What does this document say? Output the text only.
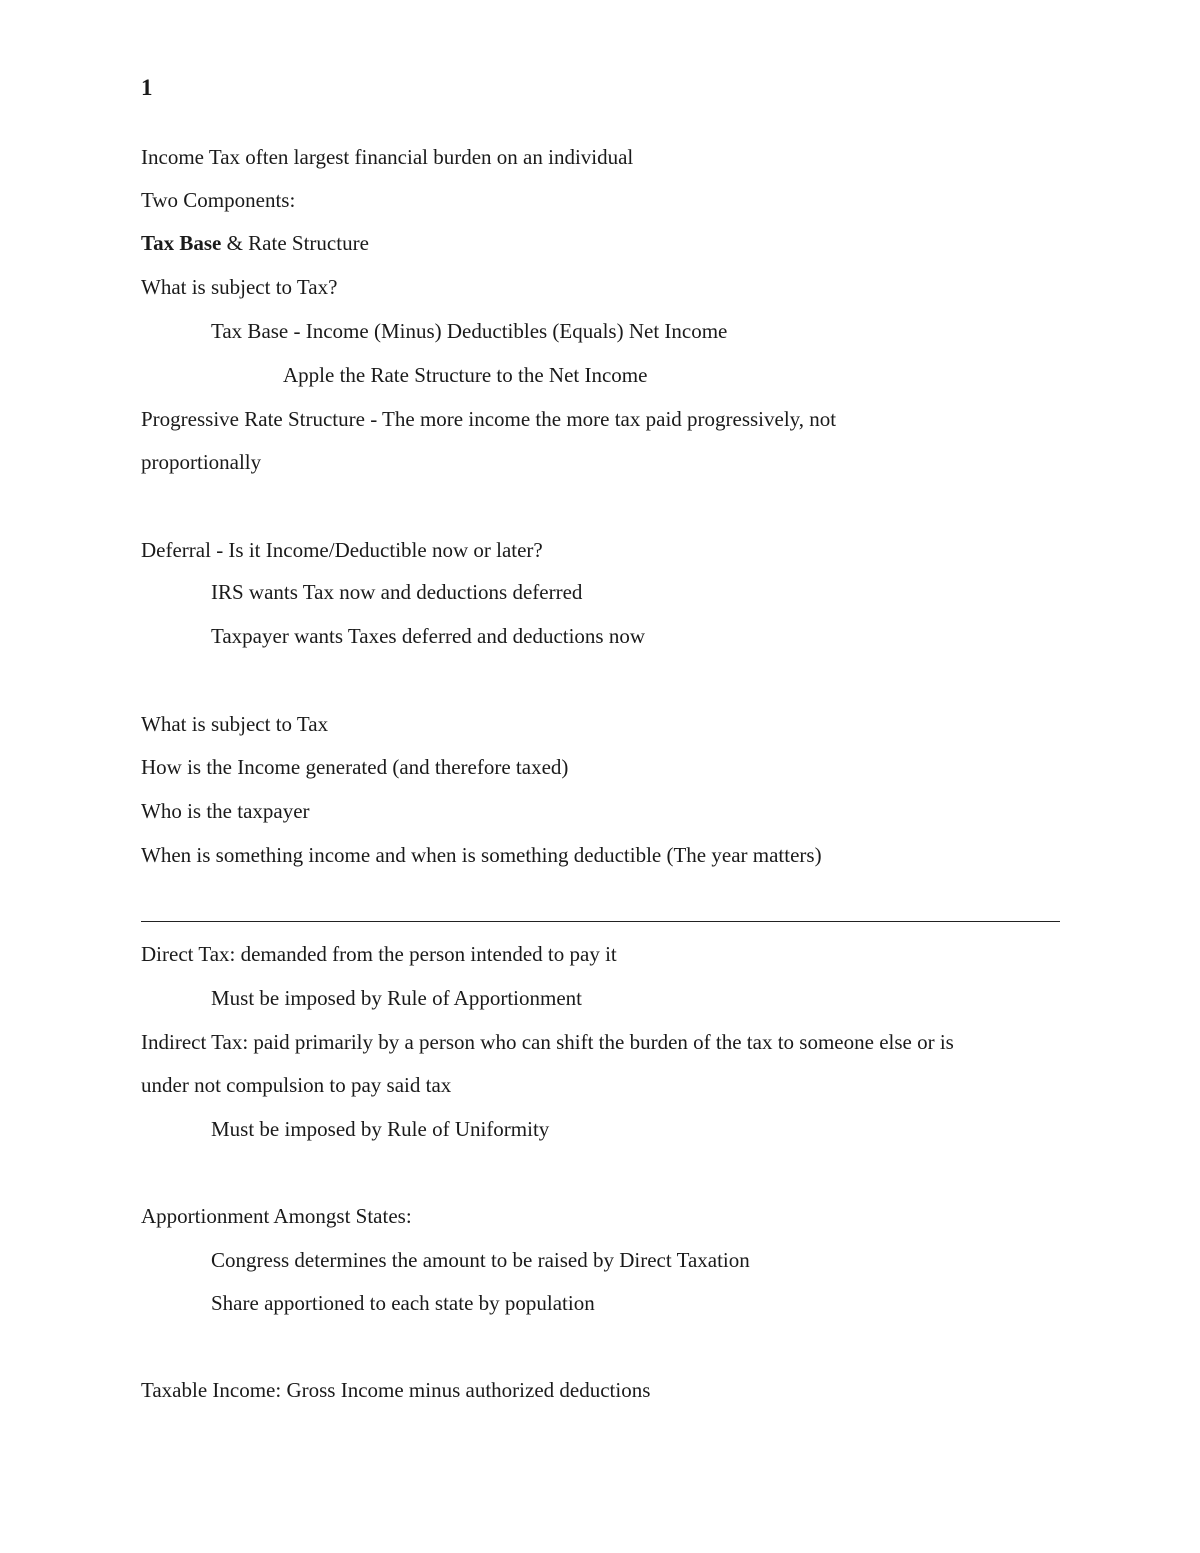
1
Income Tax often largest financial burden on an individual
Two Components:
Tax Base & Rate Structure
What is subject to Tax?
Tax Base - Income (Minus) Deductibles (Equals) Net Income
Apple the Rate Structure to the Net Income
Progressive Rate Structure - The more income the more tax paid progressively, not
proportionally
Deferral - Is it Income/Deductible now or later?
IRS wants Tax now and deductions deferred
Taxpayer wants Taxes deferred and deductions now
What is subject to Tax
How is the Income generated (and therefore taxed)
Who is the taxpayer
When is something income and when is something deductible (The year matters)
Direct Tax: demanded from the person intended to pay it
Must be imposed by Rule of Apportionment
Indirect Tax: paid primarily by a person who can shift the burden of the tax to someone else or is
under not compulsion to pay said tax
Must be imposed by Rule of Uniformity
Apportionment Amongst States:
Congress determines the amount to be raised by Direct Taxation
Share apportioned to each state by population
Taxable Income: Gross Income minus authorized deductions
